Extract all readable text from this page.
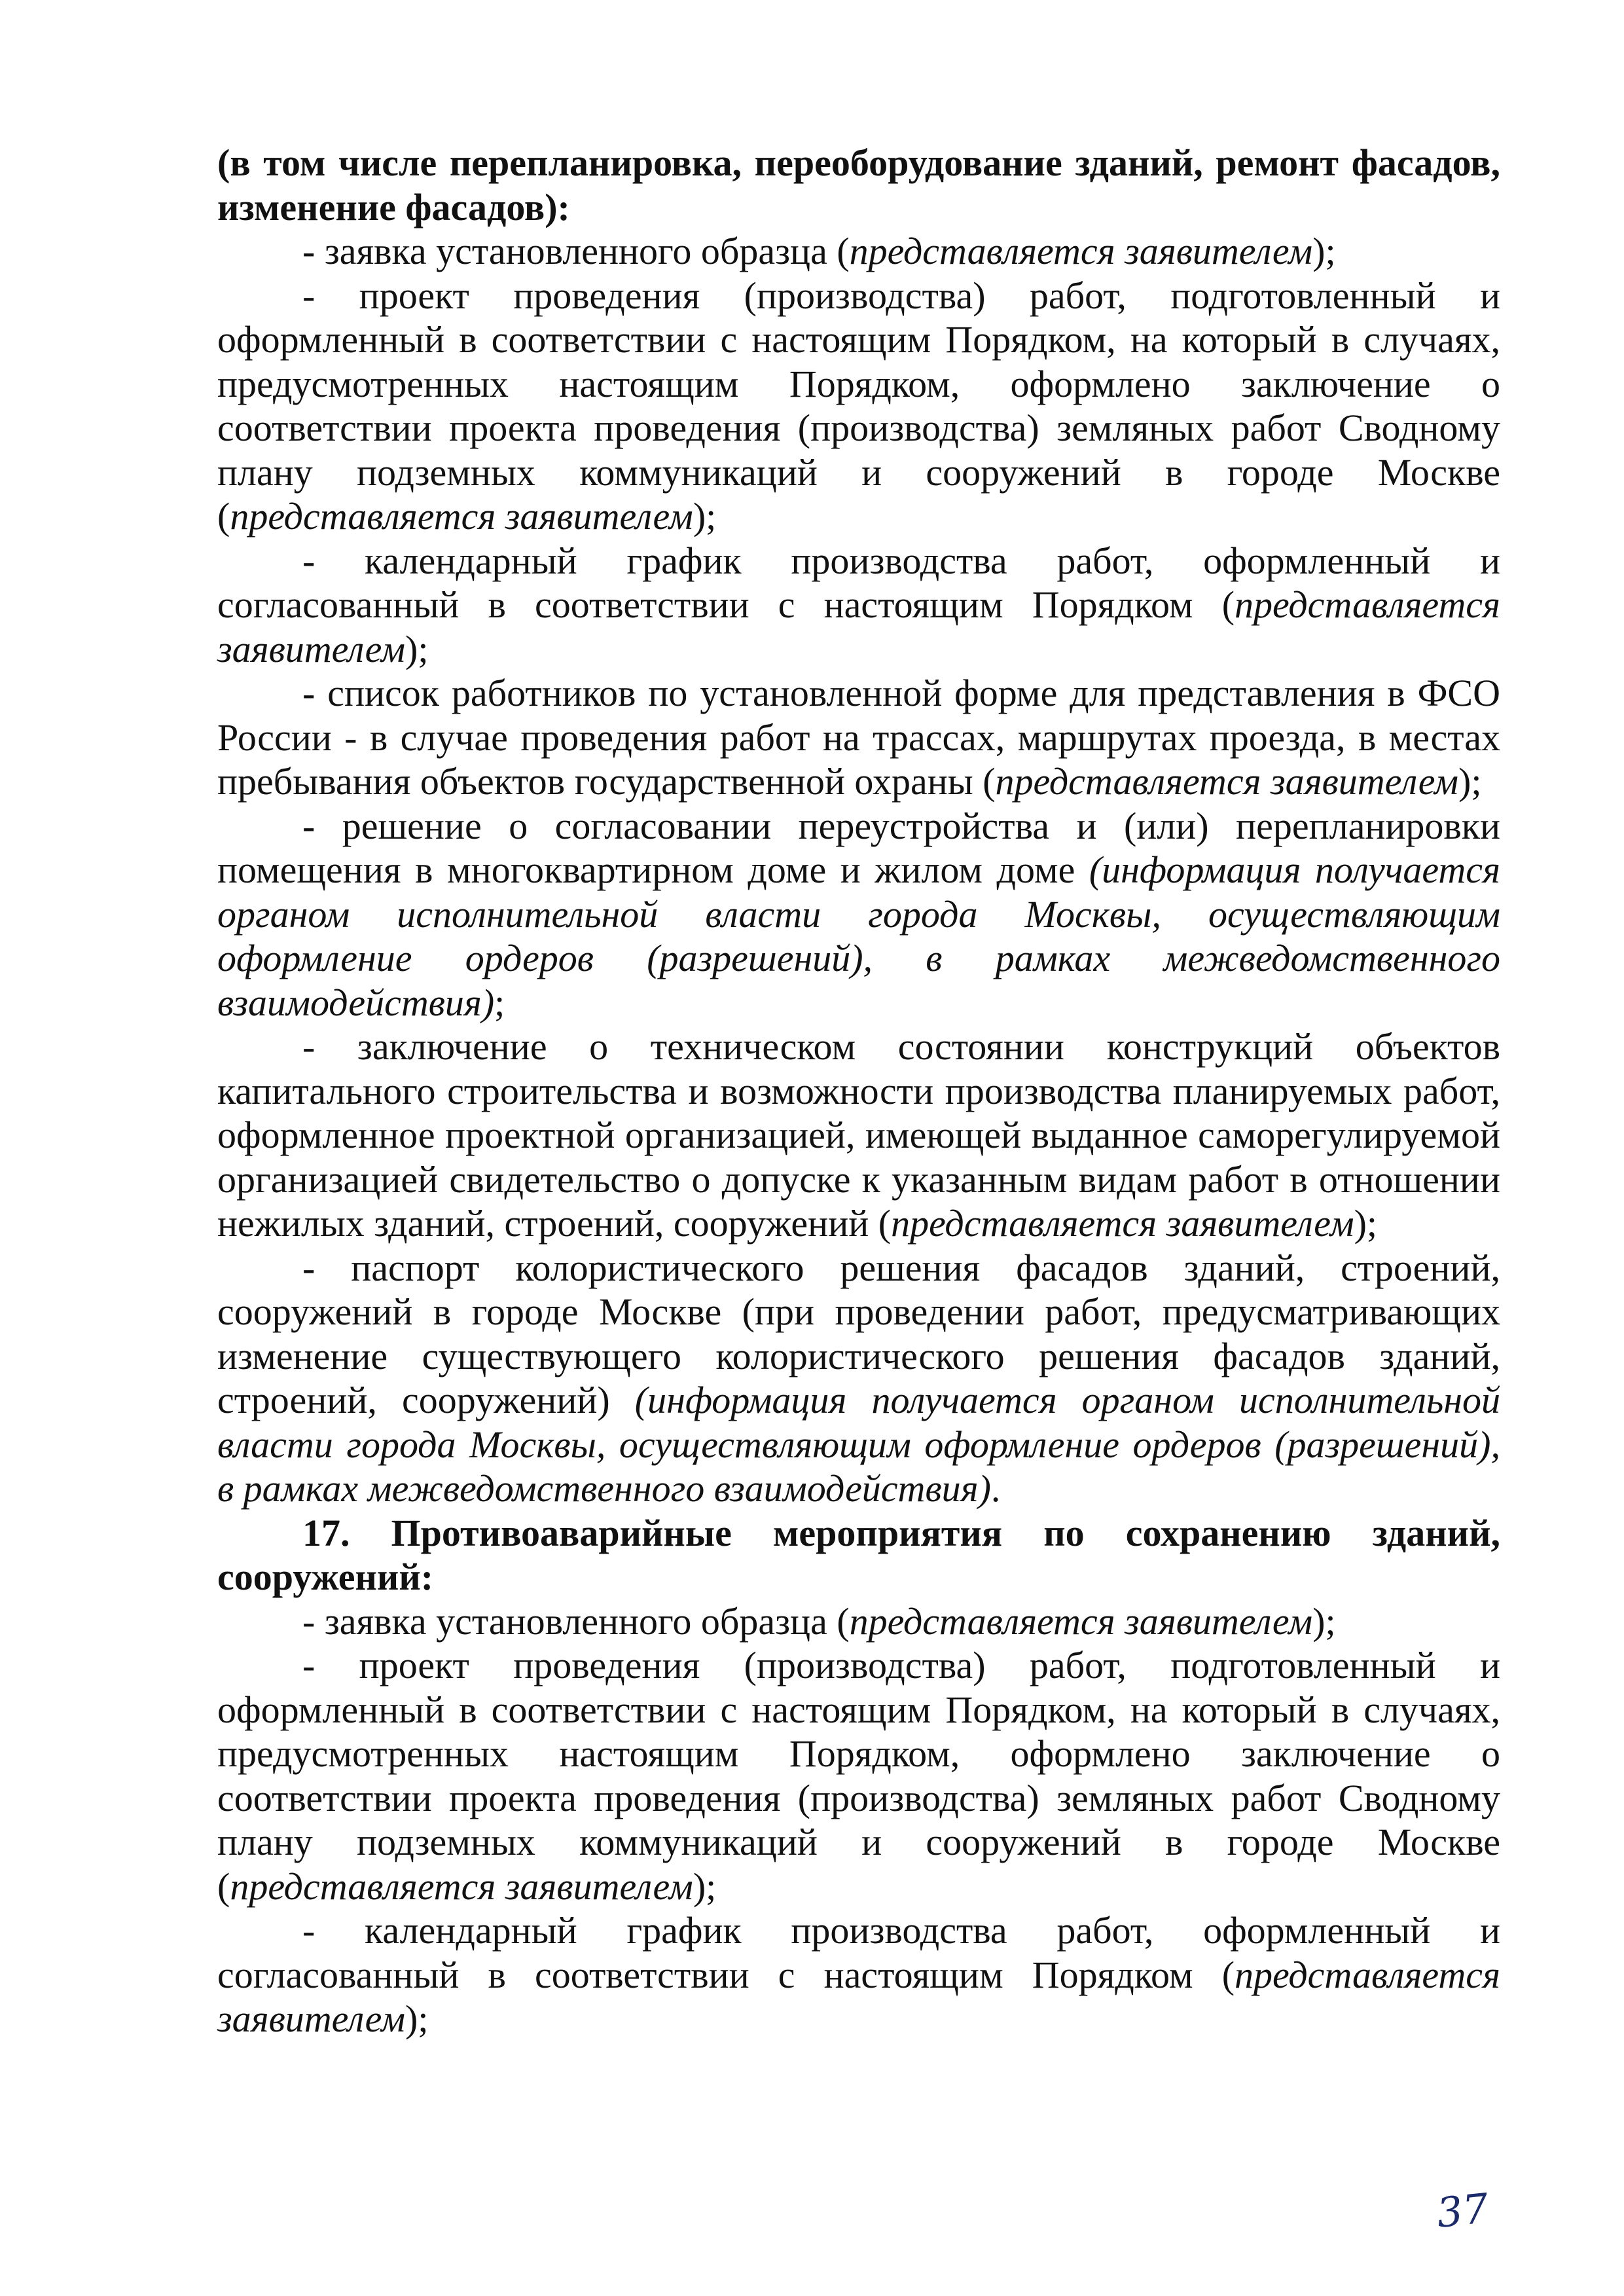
(в том числе перепланировка, переоборудование зданий, ремонт фасадов, изменение фасадов):

- заявка установленного образца (представляется заявителем);

- проект проведения (производства) работ, подготовленный и оформленный в соответствии с настоящим Порядком, на который в случаях, предусмотренных настоящим Порядком, оформлено заключение о соответствии проекта проведения (производства) земляных работ Сводному плану подземных коммуникаций и сооружений в городе Москве (представляется заявителем);

- календарный график производства работ, оформленный и согласованный в соответствии с настоящим Порядком (представляется заявителем);

- список работников по установленной форме для представления в ФСО России - в случае проведения работ на трассах, маршрутах проезда, в местах пребывания объектов государственной охраны (представляется заявителем);

- решение о согласовании переустройства и (или) перепланировки помещения в многоквартирном доме и жилом доме (информация получается органом исполнительной власти города Москвы, осуществляющим оформление ордеров (разрешений), в рамках межведомственного взаимодействия);

- заключение о техническом состоянии конструкций объектов капитального строительства и возможности производства планируемых работ, оформленное проектной организацией, имеющей выданное саморегулируемой организацией свидетельство о допуске к указанным видам работ в отношении нежилых зданий, строений, сооружений (представляется заявителем);

- паспорт колористического решения фасадов зданий, строений, сооружений в городе Москве (при проведении работ, предусматривающих изменение существующего колористического решения фасадов зданий, строений, сооружений) (информация получается органом исполнительной власти города Москвы, осуществляющим оформление ордеров (разрешений), в рамках межведомственного взаимодействия).

17. Противоаварийные мероприятия по сохранению зданий, сооружений:

- заявка установленного образца (представляется заявителем);

- проект проведения (производства) работ, подготовленный и оформленный в соответствии с настоящим Порядком, на который в случаях, предусмотренных настоящим Порядком, оформлено заключение о соответствии проекта проведения (производства) земляных работ Сводному плану подземных коммуникаций и сооружений в городе Москве (представляется заявителем);

- календарный график производства работ, оформленный и согласованный в соответствии с настоящим Порядком (представляется заявителем);

37
